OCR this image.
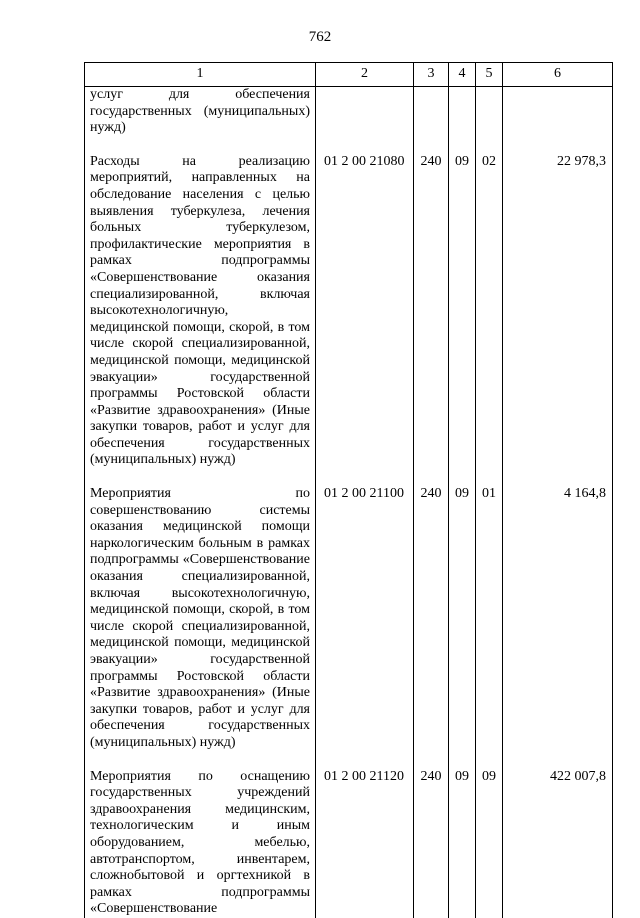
762
1	2	3	4	5	6
услуг для обеспечения государственных (муниципальных) нужд)					
Расходы на реализацию мероприятий, направленных на обследование населения с целью выявления туберкулеза, лечения больных туберкулезом, профилактические мероприятия в рамках подпрограммы «Совершенствование оказания специализированной, включая высокотехнологичную, медицинской помощи, скорой, в том числе скорой специализированной, медицинской помощи, медицинской эвакуации» государственной программы Ростовской области «Развитие здравоохранения» (Иные закупки товаров, работ и услуг для обеспечения государственных (муниципальных) нужд)	01 2 00 21080	240	09	02	22 978,3
Мероприятия по совершенствованию системы оказания медицинской помощи наркологическим больным в рамках подпрограммы «Совершенствование оказания специализированной, включая высокотехнологичную, медицинской помощи, скорой, в том числе скорой специализированной, медицинской помощи, медицинской эвакуации» государственной программы Ростовской области «Развитие здравоохранения» (Иные закупки товаров, работ и услуг для обеспечения государственных (муниципальных) нужд)	01 2 00 21100	240	09	01	4 164,8
Мероприятия по оснащению государственных учреждений здравоохранения медицинским, технологическим и иным оборудованием, мебелью, автотранспортом, инвентарем, сложнобытовой и оргтехникой в рамках подпрограммы «Совершенствование	01 2 00 21120	240	09	09	422 007,8
